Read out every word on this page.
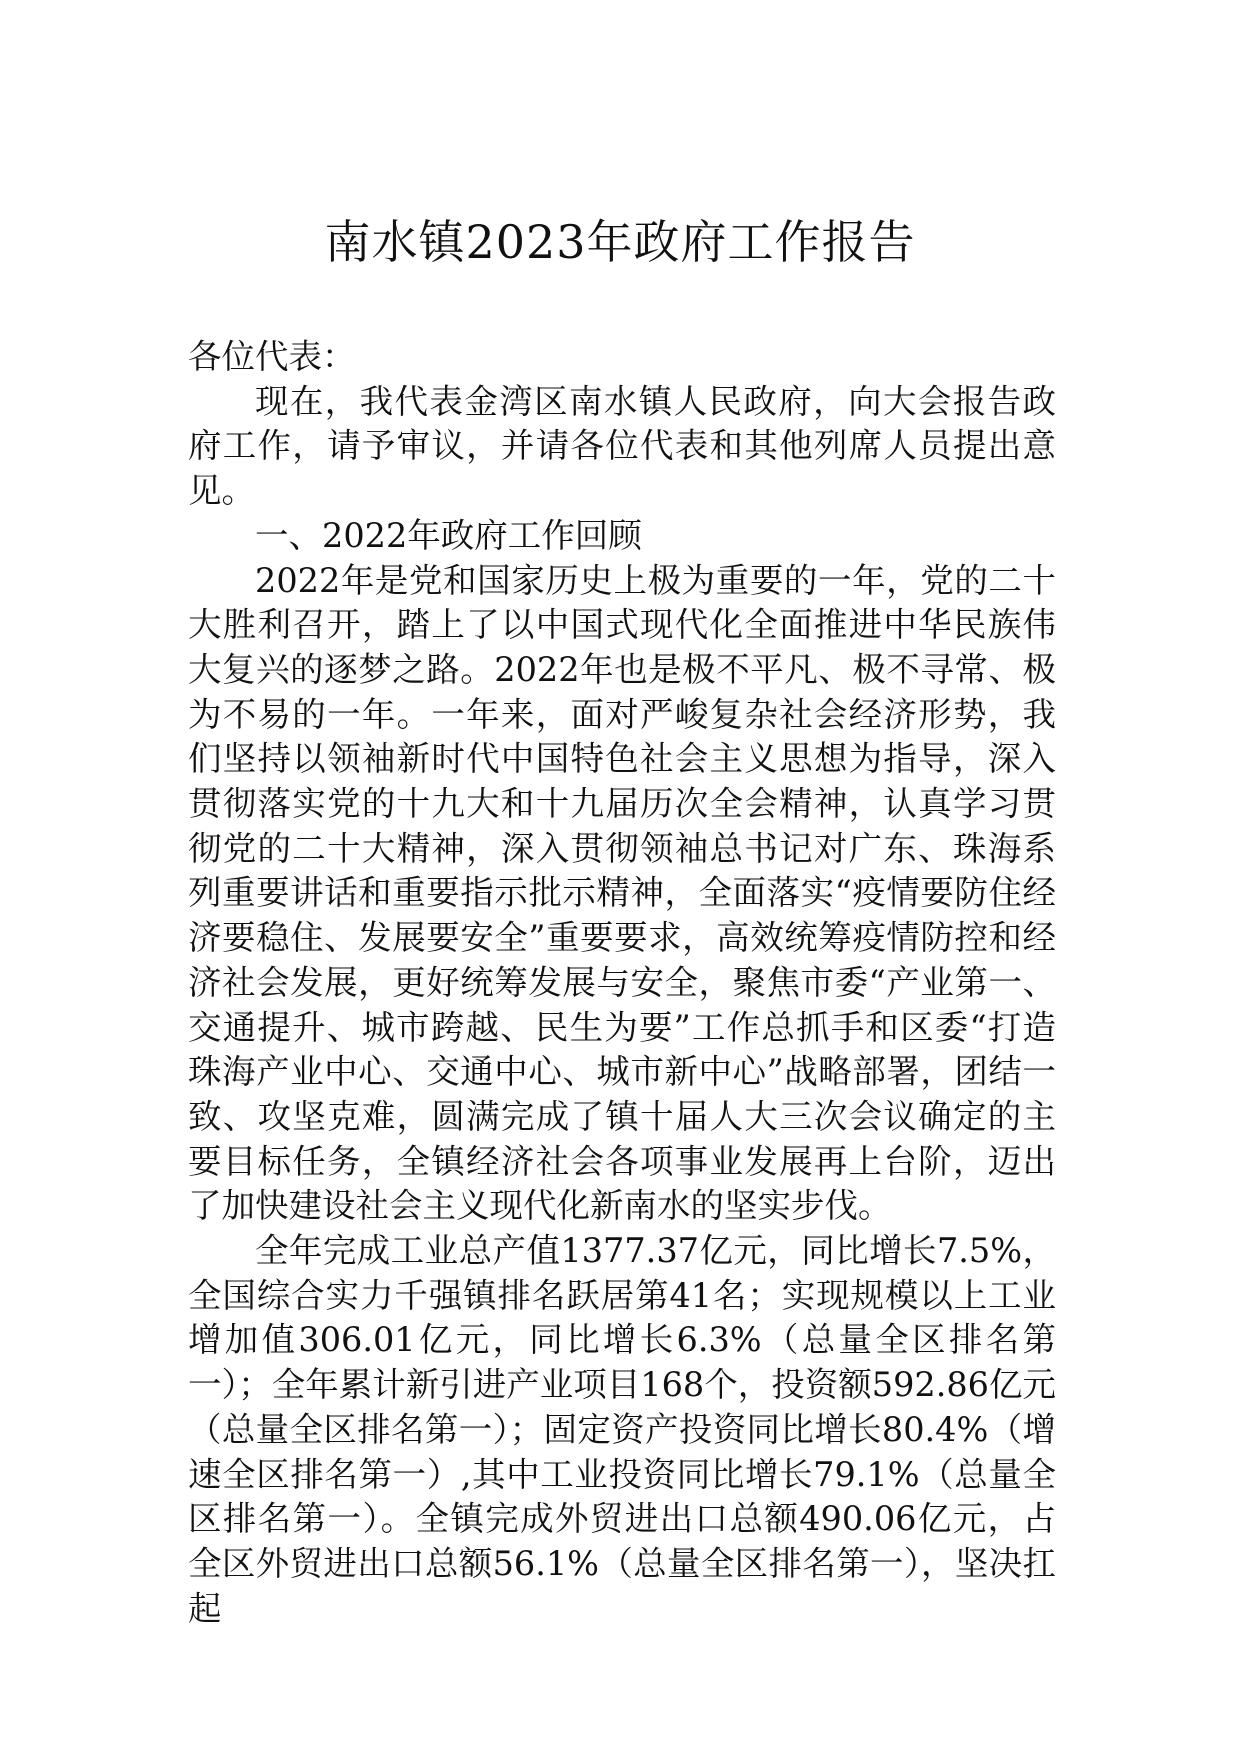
南水镇2023年政府工作报告

各位代表：

现在，我代表金湾区南水镇人民政府，向大会报告政府工作，请予审议，并请各位代表和其他列席人员提出意见。

一、2022年政府工作回顾

2022年是党和国家历史上极为重要的一年，党的二十大胜利召开，踏上了以中国式现代化全面推进中华民族伟大复兴的逐梦之路。2022年也是极不平凡、极不寻常、极为不易的一年。一年来，面对严峻复杂社会经济形势，我们坚持以领袖新时代中国特色社会主义思想为指导，深入贯彻落实党的十九大和十九届历次全会精神，认真学习贯彻党的二十大精神，深入贯彻领袖总书记对广东、珠海系列重要讲话和重要指示批示精神，全面落实“疫情要防住经济要稳住、发展要安全”重要要求，高效统筹疫情防控和经济社会发展，更好统筹发展与安全，聚焦市委“产业第一、交通提升、城市跨越、民生为要”工作总抓手和区委“打造珠海产业中心、交通中心、城市新中心”战略部署，团结一致、攻坚克难，圆满完成了镇十届人大三次会议确定的主要目标任务，全镇经济社会各项事业发展再上台阶，迈出了加快建设社会主义现代化新南水的坚实步伐。

全年完成工业总产值1377.37亿元，同比增长7.5%，全国综合实力千强镇排名跃居第41名；实现规模以上工业增加值306.01亿元，同比增长6.3%（总量全区排名第一）；全年累计新引进产业项目168个，投资额592.86亿元（总量全区排名第一）；固定资产投资同比增长80.4%（增速全区排名第一）,其中工业投资同比增长79.1%（总量全区排名第一）。全镇完成外贸进出口总额490.06亿元，占全区外贸进出口总额56.1%（总量全区排名第一），坚决扛起
